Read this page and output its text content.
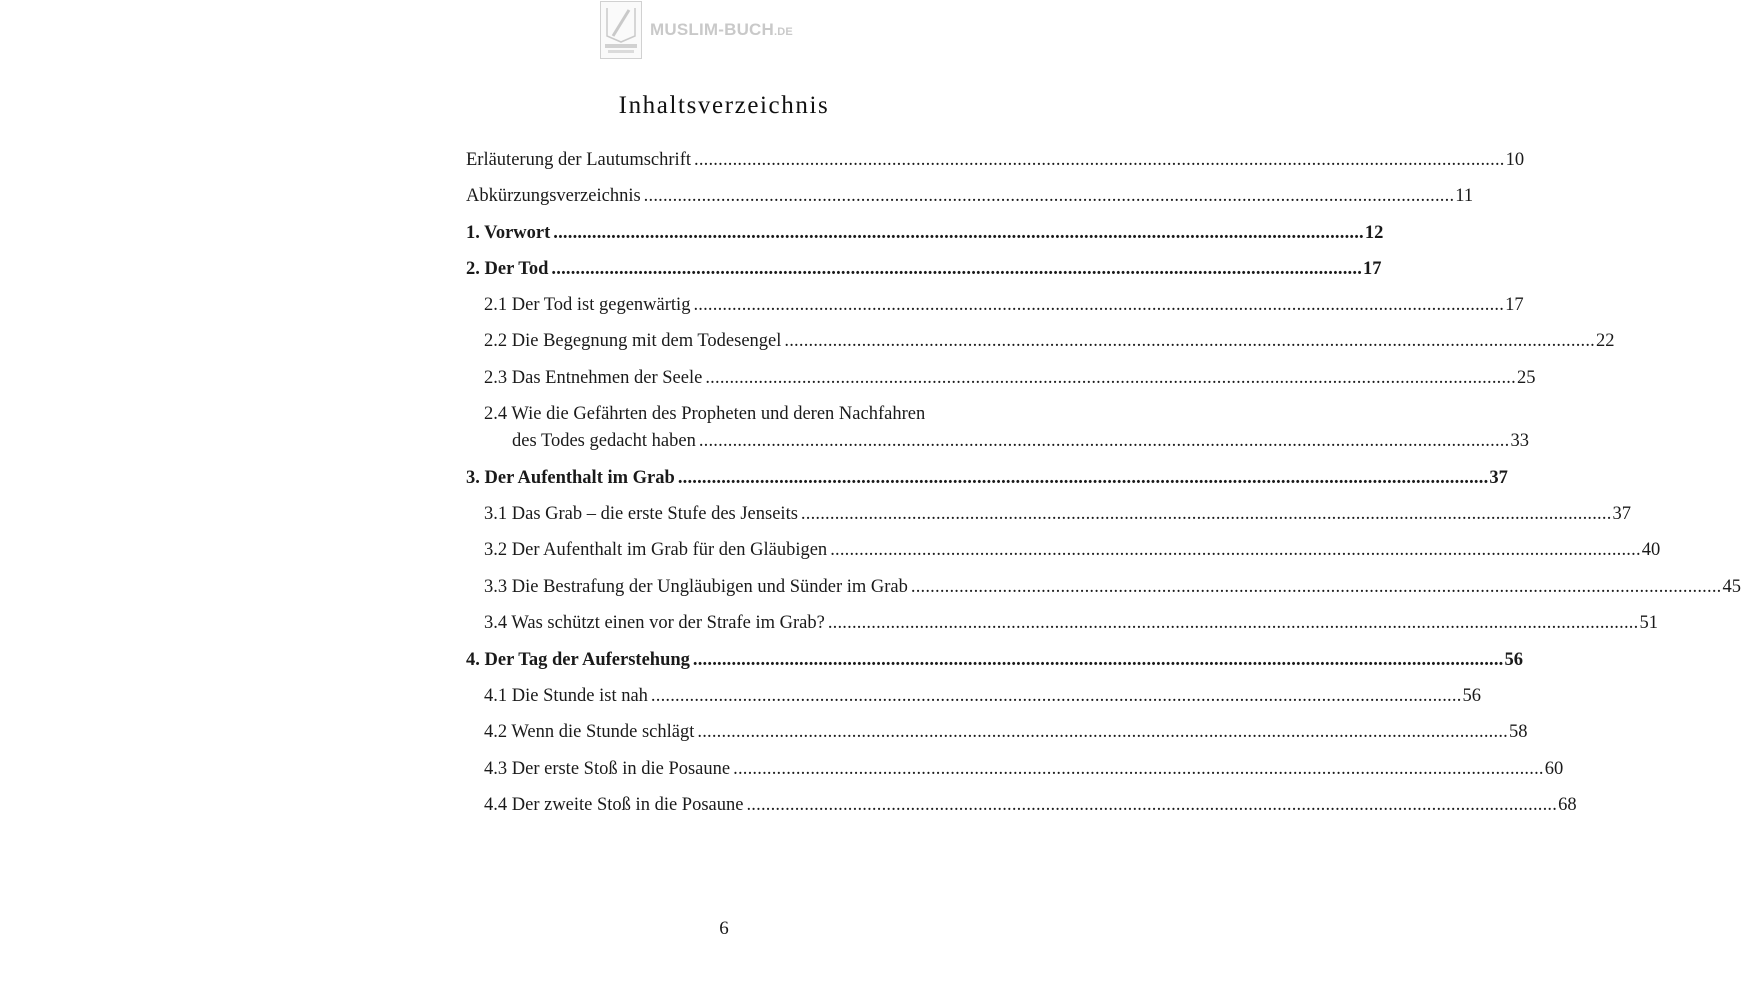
MUSLIM-BUCH.DE
Inhaltsverzeichnis
Erläuterung der Lautumschrift ........................................................................................................................................................................ 10
Abkürzungsverzeichnis ........................................................................................................................................................................ 11
1. Vorwort ........................................................................................................................................................................ 12
2. Der Tod ........................................................................................................................................................................ 17
2.1 Der Tod ist gegenwärtig ........................................................................................................................................................................ 17
2.2 Die Begegnung mit dem Todesengel ........................................................................................................................................................................ 22
2.3 Das Entnehmen der Seele ........................................................................................................................................................................ 25
2.4 Wie die Gefährten des Propheten und deren Nachfahren
des Todes gedacht haben ........................................................................................................................................................................ 33
3. Der Aufenthalt im Grab ........................................................................................................................................................................ 37
3.1 Das Grab – die erste Stufe des Jenseits ........................................................................................................................................................................ 37
3.2 Der Aufenthalt im Grab für den Gläubigen ........................................................................................................................................................................ 40
3.3 Die Bestrafung der Ungläubigen und Sünder im Grab ........................................................................................................................................................................ 45
3.4 Was schützt einen vor der Strafe im Grab? ........................................................................................................................................................................ 51
4. Der Tag der Auferstehung ........................................................................................................................................................................ 56
4.1 Die Stunde ist nah ........................................................................................................................................................................ 56
4.2 Wenn die Stunde schlägt ........................................................................................................................................................................ 58
4.3 Der erste Stoß in die Posaune ........................................................................................................................................................................ 60
4.4 Der zweite Stoß in die Posaune ........................................................................................................................................................................ 68
6
